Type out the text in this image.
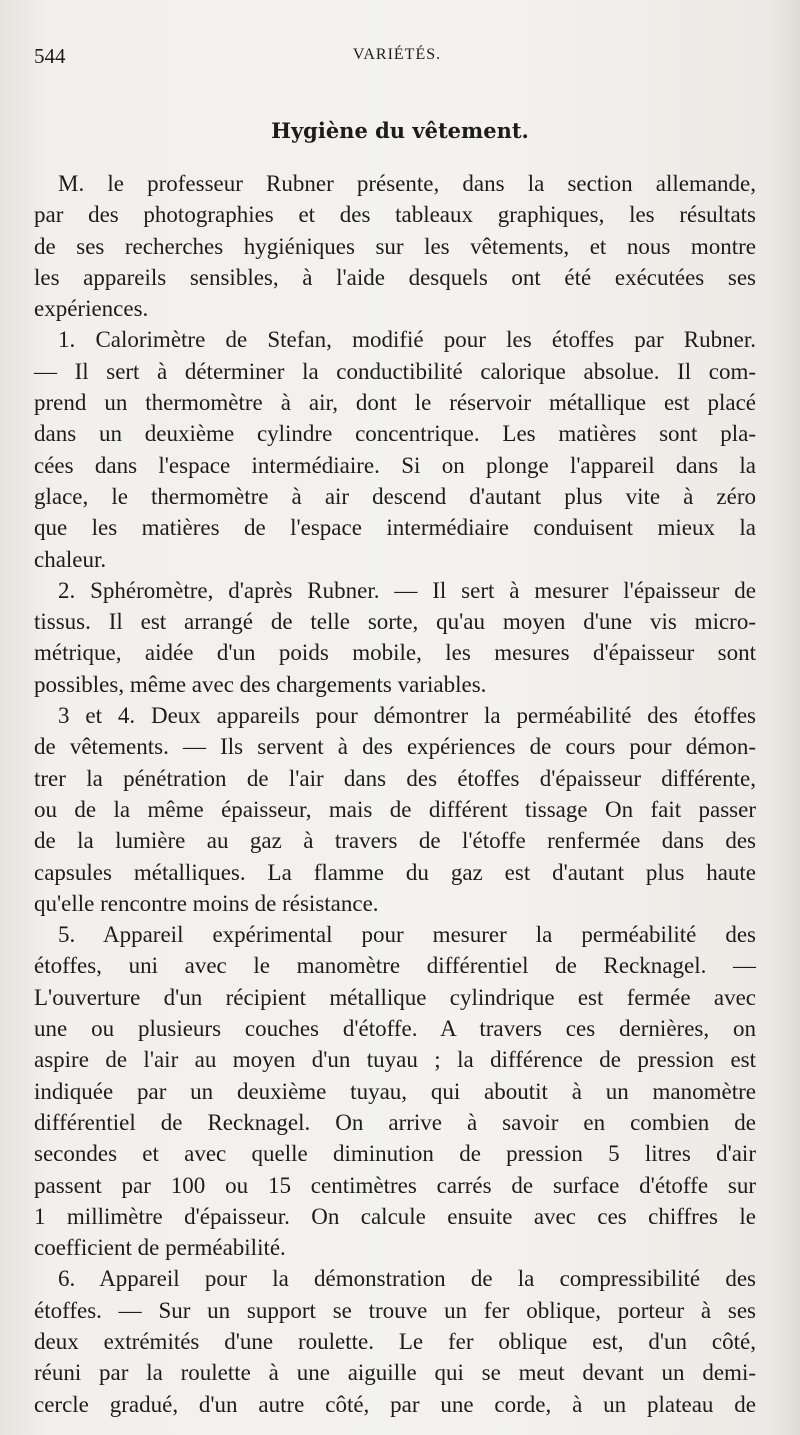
544	VARIÉTÉS.
Hygiène du vêtement.
M. le professeur Rubner présente, dans la section allemande,
par des photographies et des tableaux graphiques, les résultats
de ses recherches hygiéniques sur les vêtements, et nous montre
les appareils sensibles, à l'aide desquels ont été exécutées ses
expériences.
1. Calorimètre de Stefan, modifié pour les étoffes par Rubner.
— Il sert à déterminer la conductibilité calorique absolue. Il com-
prend un thermomètre à air, dont le réservoir métallique est placé
dans un deuxième cylindre concentrique. Les matières sont pla-
cées dans l'espace intermédiaire. Si on plonge l'appareil dans la
glace, le thermomètre à air descend d'autant plus vite à zéro
que les matières de l'espace intermédiaire conduisent mieux la
chaleur.
2. Sphéromètre, d'après Rubner. — Il sert à mesurer l'épaisseur de
tissus. Il est arrangé de telle sorte, qu'au moyen d'une vis micro-
métrique, aidée d'un poids mobile, les mesures d'épaisseur sont
possibles, même avec des chargements variables.
3 et 4. Deux appareils pour démontrer la perméabilité des étoffes
de vêtements. — Ils servent à des expériences de cours pour démon-
trer la pénétration de l'air dans des étoffes d'épaisseur différente,
ou de la même épaisseur, mais de différent tissage On fait passer
de la lumière au gaz à travers de l'étoffe renfermée dans des
capsules métalliques. La flamme du gaz est d'autant plus haute
qu'elle rencontre moins de résistance.
5. Appareil expérimental pour mesurer la perméabilité des
étoffes, uni avec le manomètre différentiel de Recknagel. —
L'ouverture d'un récipient métallique cylindrique est fermée avec
une ou plusieurs couches d'étoffe. A travers ces dernières, on
aspire de l'air au moyen d'un tuyau ; la différence de pression est
indiquée par un deuxième tuyau, qui aboutit à un manomètre
différentiel de Recknagel. On arrive à savoir en combien de
secondes et avec quelle diminution de pression 5 litres d'air
passent par 100 ou 15 centimètres carrés de surface d'étoffe sur
1 millimètre d'épaisseur. On calcule ensuite avec ces chiffres le
coefficient de perméabilité.
6. Appareil pour la démonstration de la compressibilité des
étoffes. — Sur un support se trouve un fer oblique, porteur à ses
deux extrémités d'une roulette. Le fer oblique est, d'un côté,
réuni par la roulette à une aiguille qui se meut devant un demi-
cercle gradué, d'un autre côté, par une corde, à un plateau de
